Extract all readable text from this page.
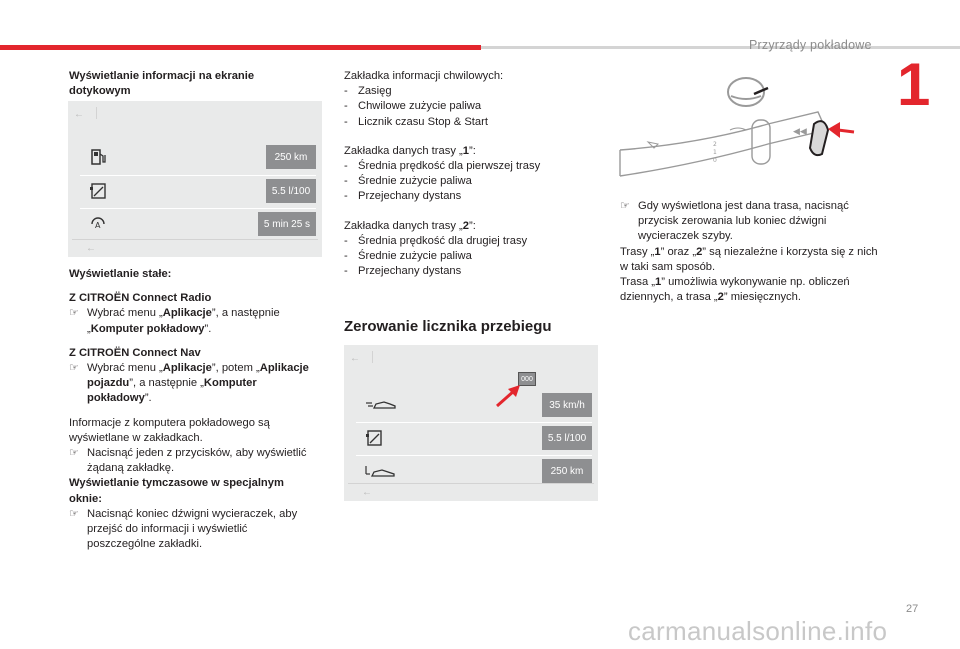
Przyrządy pokładowe
1

Wyświetlanie informacji na ekranie dotykowym

←
250 km
5.5 l/100
A	5 min 25 s
←

Wyświetlanie stałe:

Z CITROËN Connect Radio

☞ Wybrać menu „Aplikacje”, a następnie „Komputer pokładowy”.

Z CITROËN Connect Nav

☞ Wybrać menu „Aplikacje”, potem „Aplikacje pojazdu”, a następnie „Komputer pokładowy”.

Informacje z komputera pokładowego są wyświetlane w zakładkach.

☞ Nacisnąć jeden z przycisków, aby wyświetlić żądaną zakładkę.

Wyświetlanie tymczasowe w specjalnym oknie:

☞ Nacisnąć koniec dźwigni wycieraczek, aby przejść do informacji i wyświetlić poszczególne zakładki.

Zakładka informacji chwilowych:

- Zasięg
- Chwilowe zużycie paliwa
- Licznik czasu Stop & Start

Zakładka danych trasy „1”:

- Średnia prędkość dla pierwszej trasy
- Średnie zużycie paliwa
- Przejechany dystans

Zakładka danych trasy „2”:

- Średnia prędkość dla drugiej trasy
- Średnie zużycie paliwa
- Przejechany dystans
Zerowanie licznika przebiegu
←
000
35 km/h
5.5 l/100
250 km
←
2
1
0
◀◀
☞ Gdy wyświetlona jest dana trasa, nacisnąć przycisk zerowania lub koniec dźwigni wycieraczek szyby.

Trasy „1” oraz „2” są niezależne i korzysta się z nich w taki sam sposób.

Trasa „1” umożliwia wykonywanie np. obliczeń dziennych, a trasa „2” miesięcznych.

27
carmanualsonline.info
